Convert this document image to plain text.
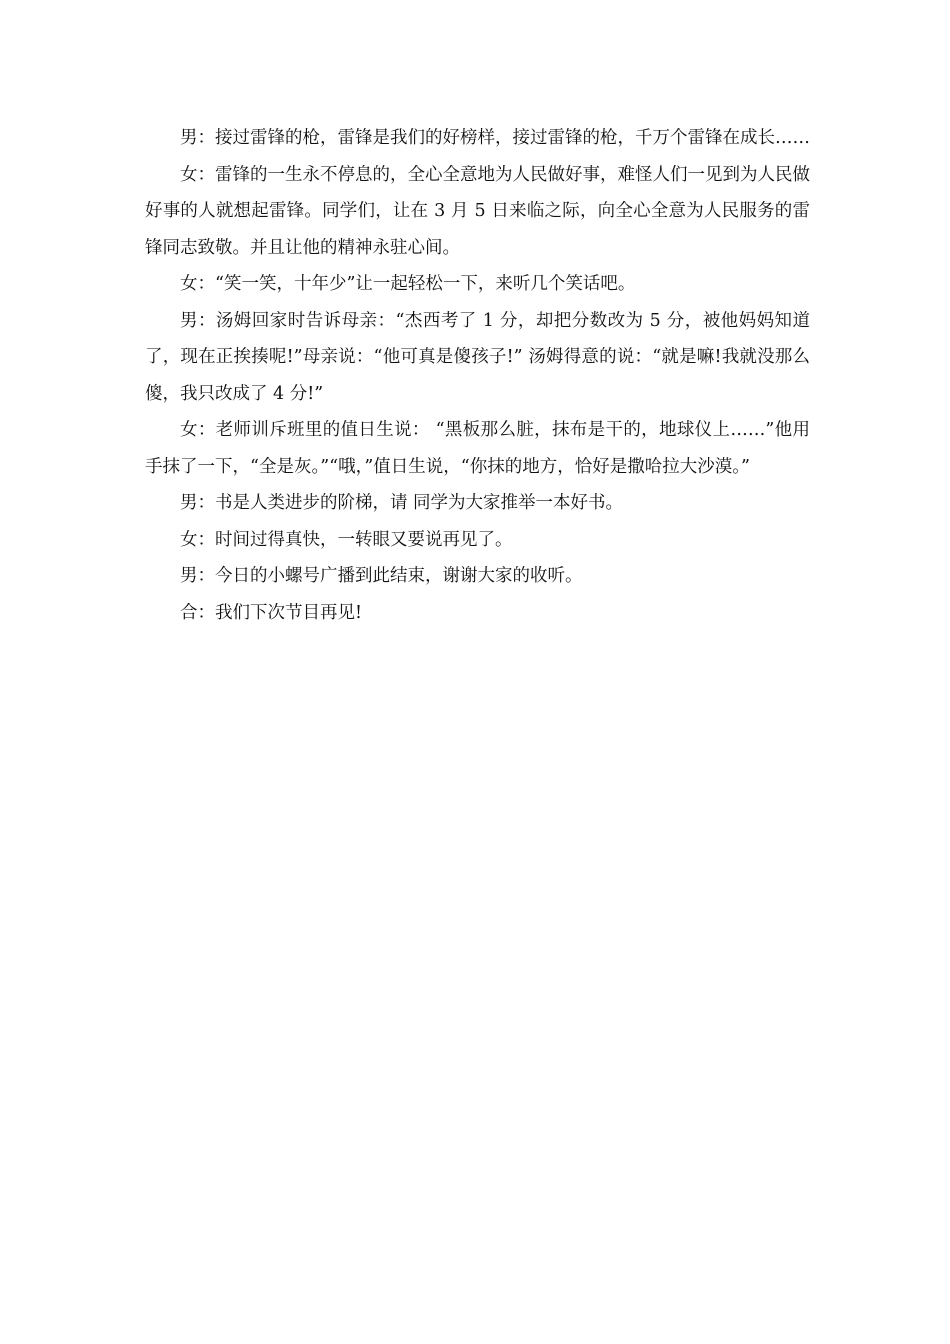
男：接过雷锋的枪，雷锋是我们的好榜样，接过雷锋的枪，千万个雷锋在成长……

女：雷锋的一生永不停息的，全心全意地为人民做好事，难怪人们一见到为人民做好事的人就想起雷锋。同学们，让在 3 月 5 日来临之际，向全心全意为人民服务的雷锋同志致敬。并且让他的精神永驻心间。

女：“笑一笑，十年少”让一起轻松一下，来听几个笑话吧。

男：汤姆回家时告诉母亲：“杰西考了 1 分，却把分数改为 5 分，被他妈妈知道了，现在正挨揍呢!”母亲说：“他可真是傻孩子!” 汤姆得意的说：“就是嘛!我就没那么傻，我只改成了 4 分!”

女：老师训斥班里的值日生说： “黑板那么脏，抹布是干的，地球仪上……”他用手抹了一下，“全是灰。”“哦，”值日生说，“你抹的地方，恰好是撒哈拉大沙漠。”

男：书是人类进步的阶梯，请 同学为大家推举一本好书。

女：时间过得真快，一转眼又要说再见了。

男：今日的小螺号广播到此结束，谢谢大家的收听。

合：我们下次节目再见!
